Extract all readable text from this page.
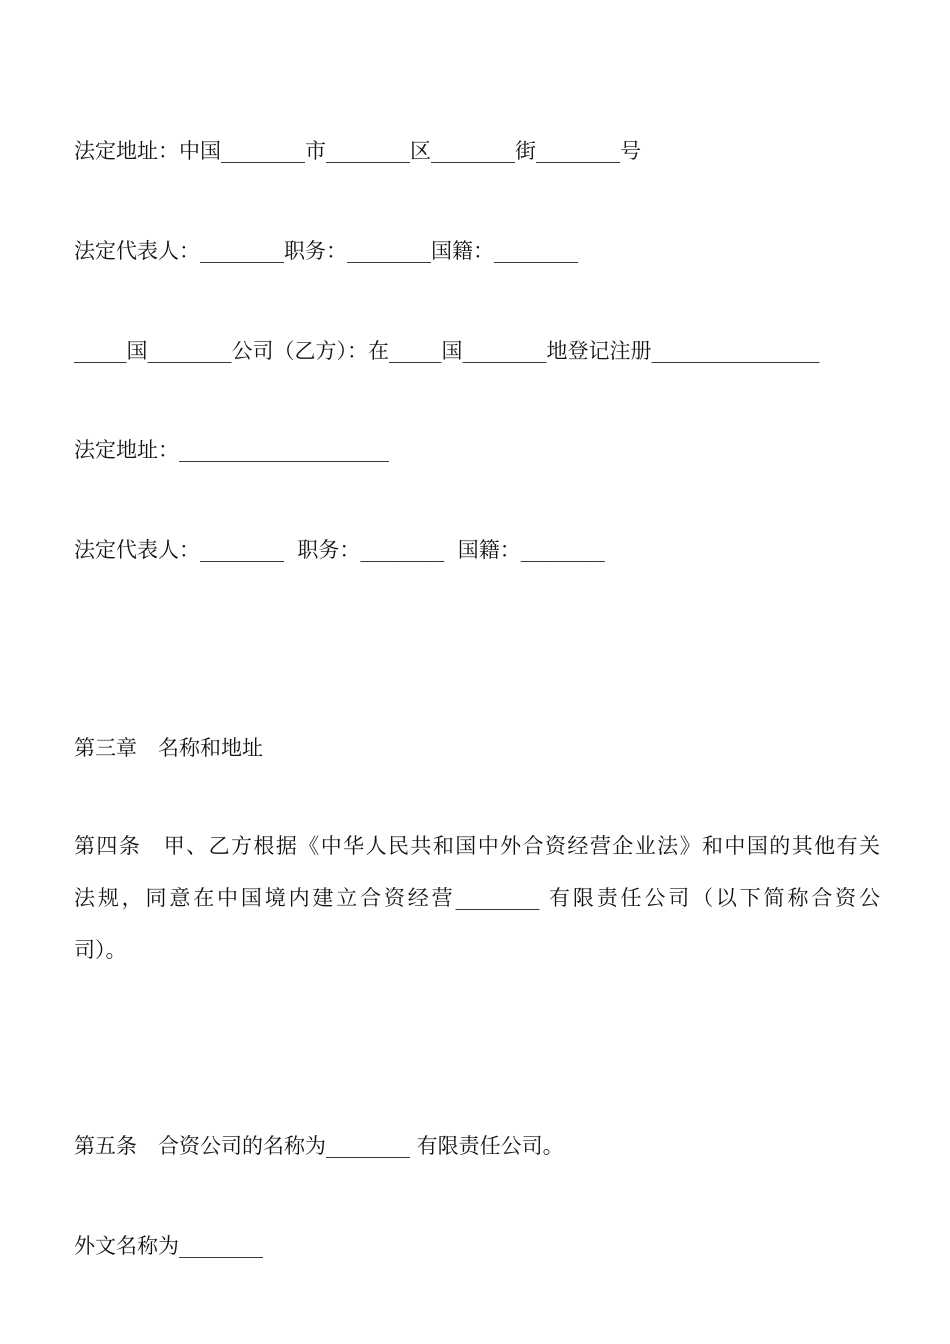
法定地址：中国________市________区________街________号
法定代表人：________职务：________国籍：________
_____国________公司（乙方）：在_____国________地登记注册________________
法定地址：____________________
法定代表人：________  职务：________  国籍：________
第三章　名称和地址
第四条　甲、乙方根据《中华人民共和国中外合资经营企业法》和中国的其他有关
法规，同意在中国境内建立合资经营________ 有限责任公司（以下简称合资公
司）。
第五条　合资公司的名称为________ 有限责任公司。
外文名称为________
